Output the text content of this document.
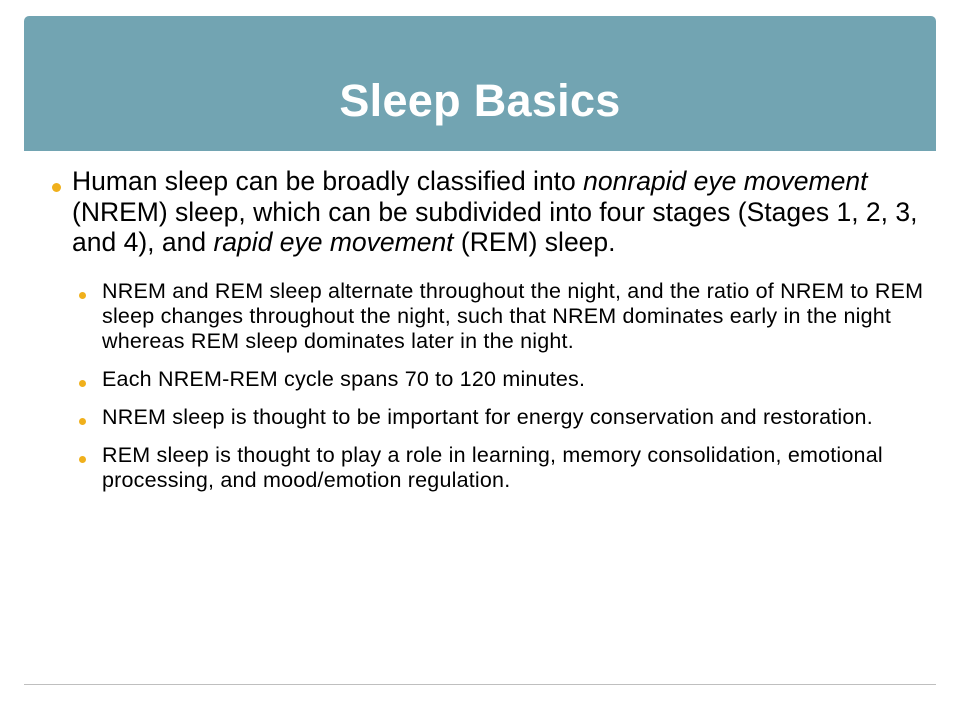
Sleep Basics
Human sleep can be broadly classified into nonrapid eye movement (NREM) sleep, which can be subdivided into four stages (Stages 1, 2, 3, and 4), and rapid eye movement (REM) sleep.
NREM and REM sleep alternate throughout the night, and the ratio of NREM to REM sleep changes throughout the night, such that NREM dominates early in the night whereas REM sleep dominates later in the night.
Each NREM-REM cycle spans 70 to 120 minutes.
NREM sleep is thought to be important for energy conservation and restoration.
REM sleep is thought to play a role in learning, memory consolidation, emotional processing, and mood/emotion regulation.
